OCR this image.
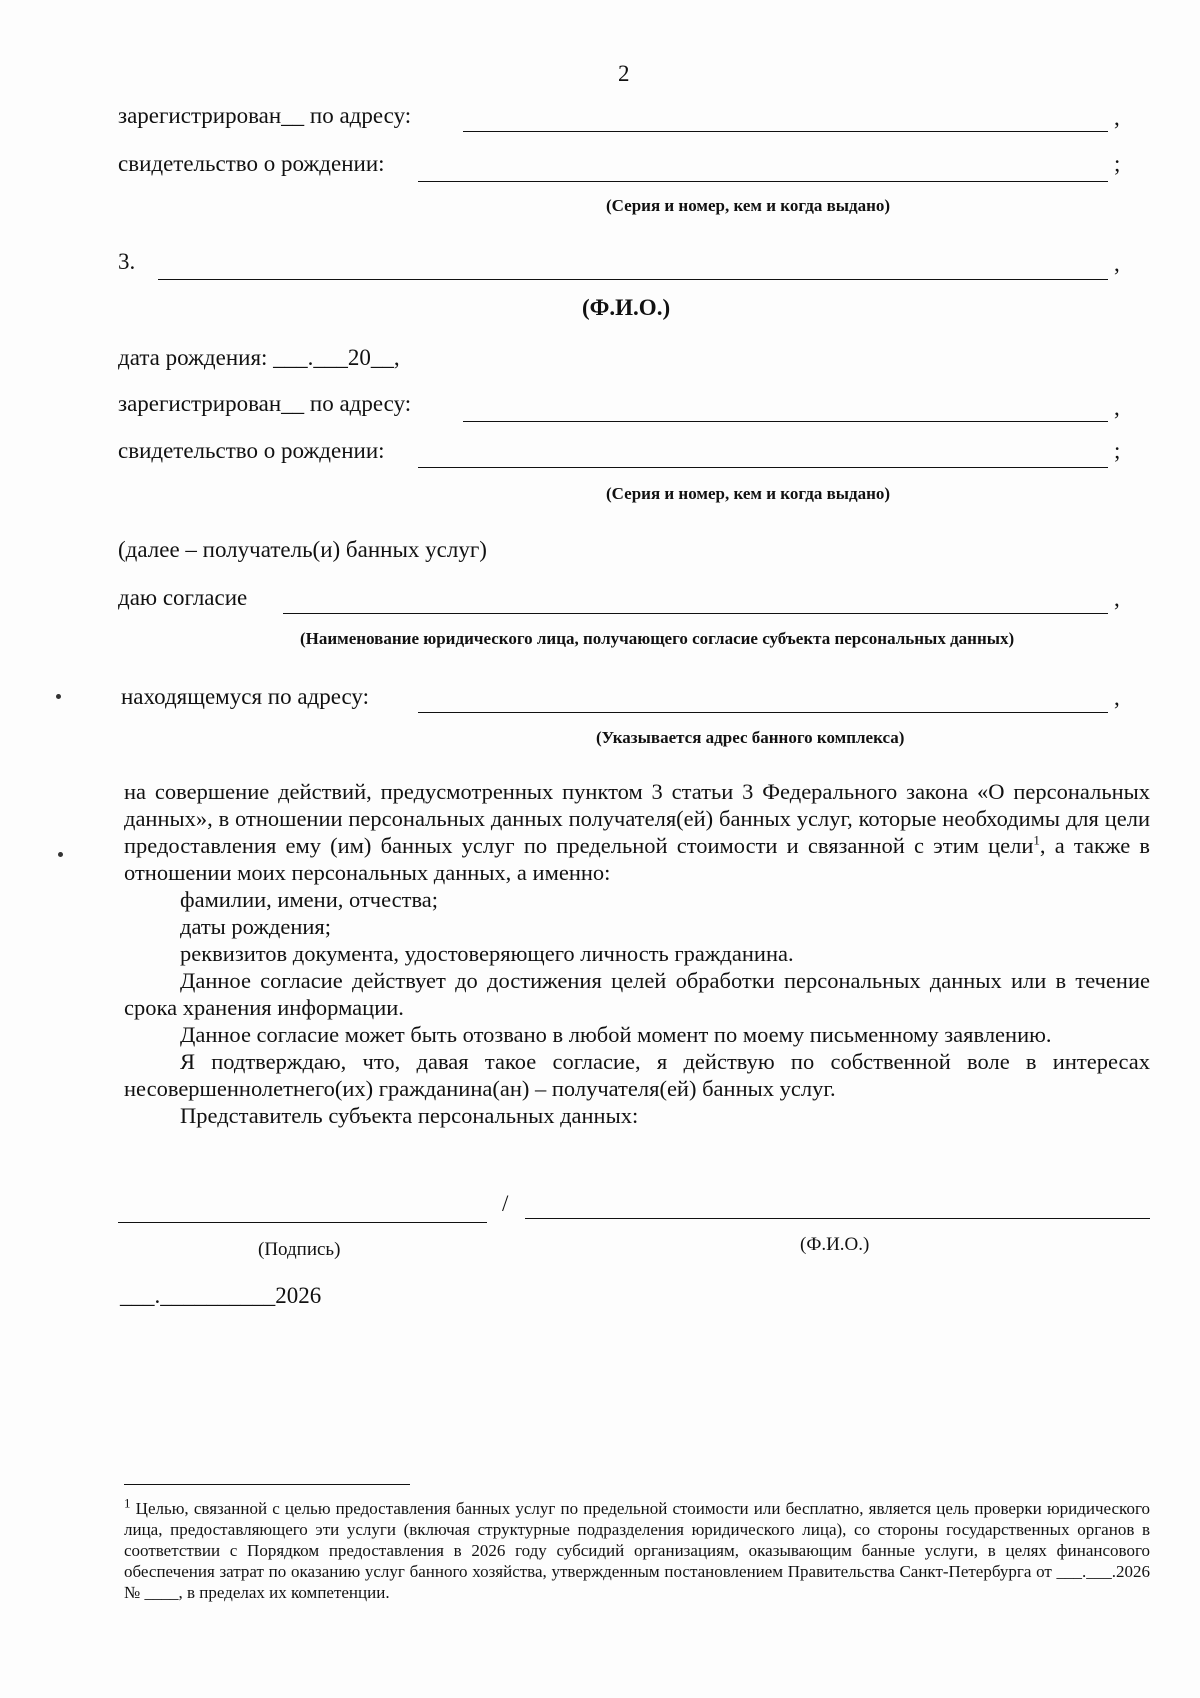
2
зарегистрирован__ по адресу:	,
свидетельство о рождении:	;
(Серия и номер, кем и когда выдано)
3.	,
(Ф.И.О.)
дата рождения: ___.___20__,
зарегистрирован__ по адресу:	,
свидетельство о рождении:	;
(Серия и номер, кем и когда выдано)
(далее – получатель(и) банных услуг)
даю согласие	,
(Наименование юридического лица, получающего согласие субъекта персональных данных)
находящемуся по адресу:	,
(Указывается адрес банного комплекса)

на совершение действий, предусмотренных пунктом 3 статьи 3 Федерального закона «О персональных данных», в отношении персональных данных получателя(ей) банных услуг, которые необходимы для цели предоставления ему (им) банных услуг по предельной стоимости и связанной с этим цели$^1$, а также в отношении моих персональных данных, а именно:

фамилии, имени, отчества;

даты рождения;

реквизитов документа, удостоверяющего личность гражданина.

Данное согласие действует до достижения целей обработки персональных данных или в течение срока хранения информации.

Данное согласие может быть отозвано в любой момент по моему письменному заявлению.

Я подтверждаю, что, давая такое согласие, я действую по собственной воле в интересах несовершеннолетнего(их) гражданина(ан) – получателя(ей) банных услуг.

Представитель субъекта персональных данных:

/
(Подпись)	(Ф.И.О.)
___.__________2026
$^1$ Целью, связанной с целью предоставления банных услуг по предельной стоимости или бесплатно, является цель проверки юридического лица, предоставляющего эти услуги (включая структурные подразделения юридического лица), со стороны государственных органов в соответствии с Порядком предоставления в 2026 году субсидий организациям, оказывающим банные услуги, в целях финансового обеспечения затрат по оказанию услуг банного хозяйства, утвержденным постановлением Правительства Санкт-Петербурга от ___.___.2026 № ____, в пределах их компетенции.
